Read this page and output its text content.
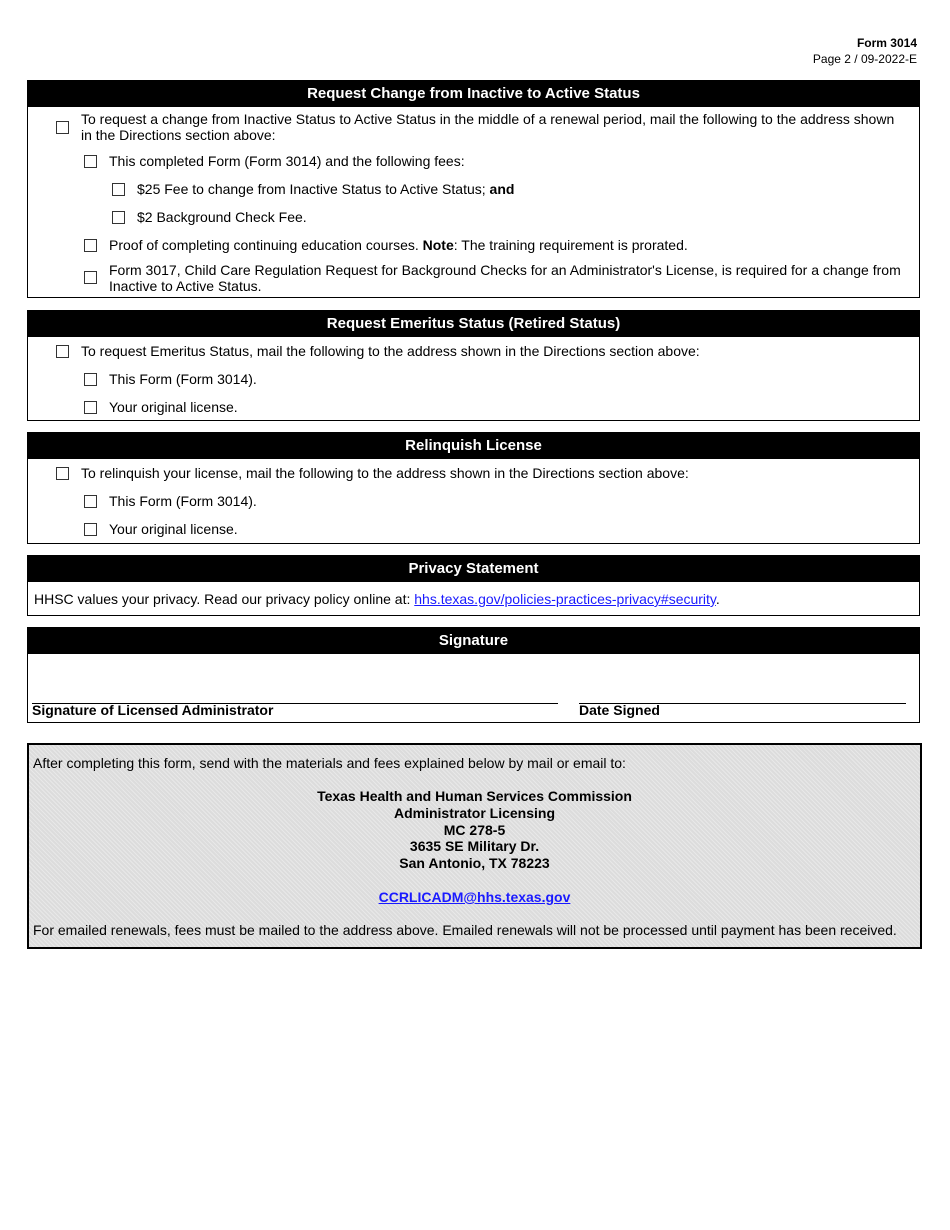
Form 3014
Page 2 / 09-2022-E
Request Change from Inactive to Active Status
To request a change from Inactive Status to Active Status in the middle of a renewal period, mail the following to the address shown in the Directions section above:
This completed Form (Form 3014) and the following fees:
$25 Fee to change from Inactive Status to Active Status; and
$2 Background Check Fee.
Proof of completing continuing education courses. Note: The training requirement is prorated.
Form 3017, Child Care Regulation Request for Background Checks for an Administrator's License, is required for a change from Inactive to Active Status.
Request Emeritus Status (Retired Status)
To request Emeritus Status, mail the following to the address shown in the Directions section above:
This Form (Form 3014).
Your original license.
Relinquish License
To relinquish your license, mail the following to the address shown in the Directions section above:
This Form (Form 3014).
Your original license.
Privacy Statement
HHSC values your privacy. Read our privacy policy online at: hhs.texas.gov/policies-practices-privacy#security.
Signature
Signature of Licensed Administrator	Date Signed
After completing this form, send with the materials and fees explained below by mail or email to:
Texas Health and Human Services Commission
Administrator Licensing
MC 278-5
3635 SE Military Dr.
San Antonio, TX 78223
CCRLICADM@hhs.texas.gov
For emailed renewals, fees must be mailed to the address above. Emailed renewals will not be processed until payment has been received.
